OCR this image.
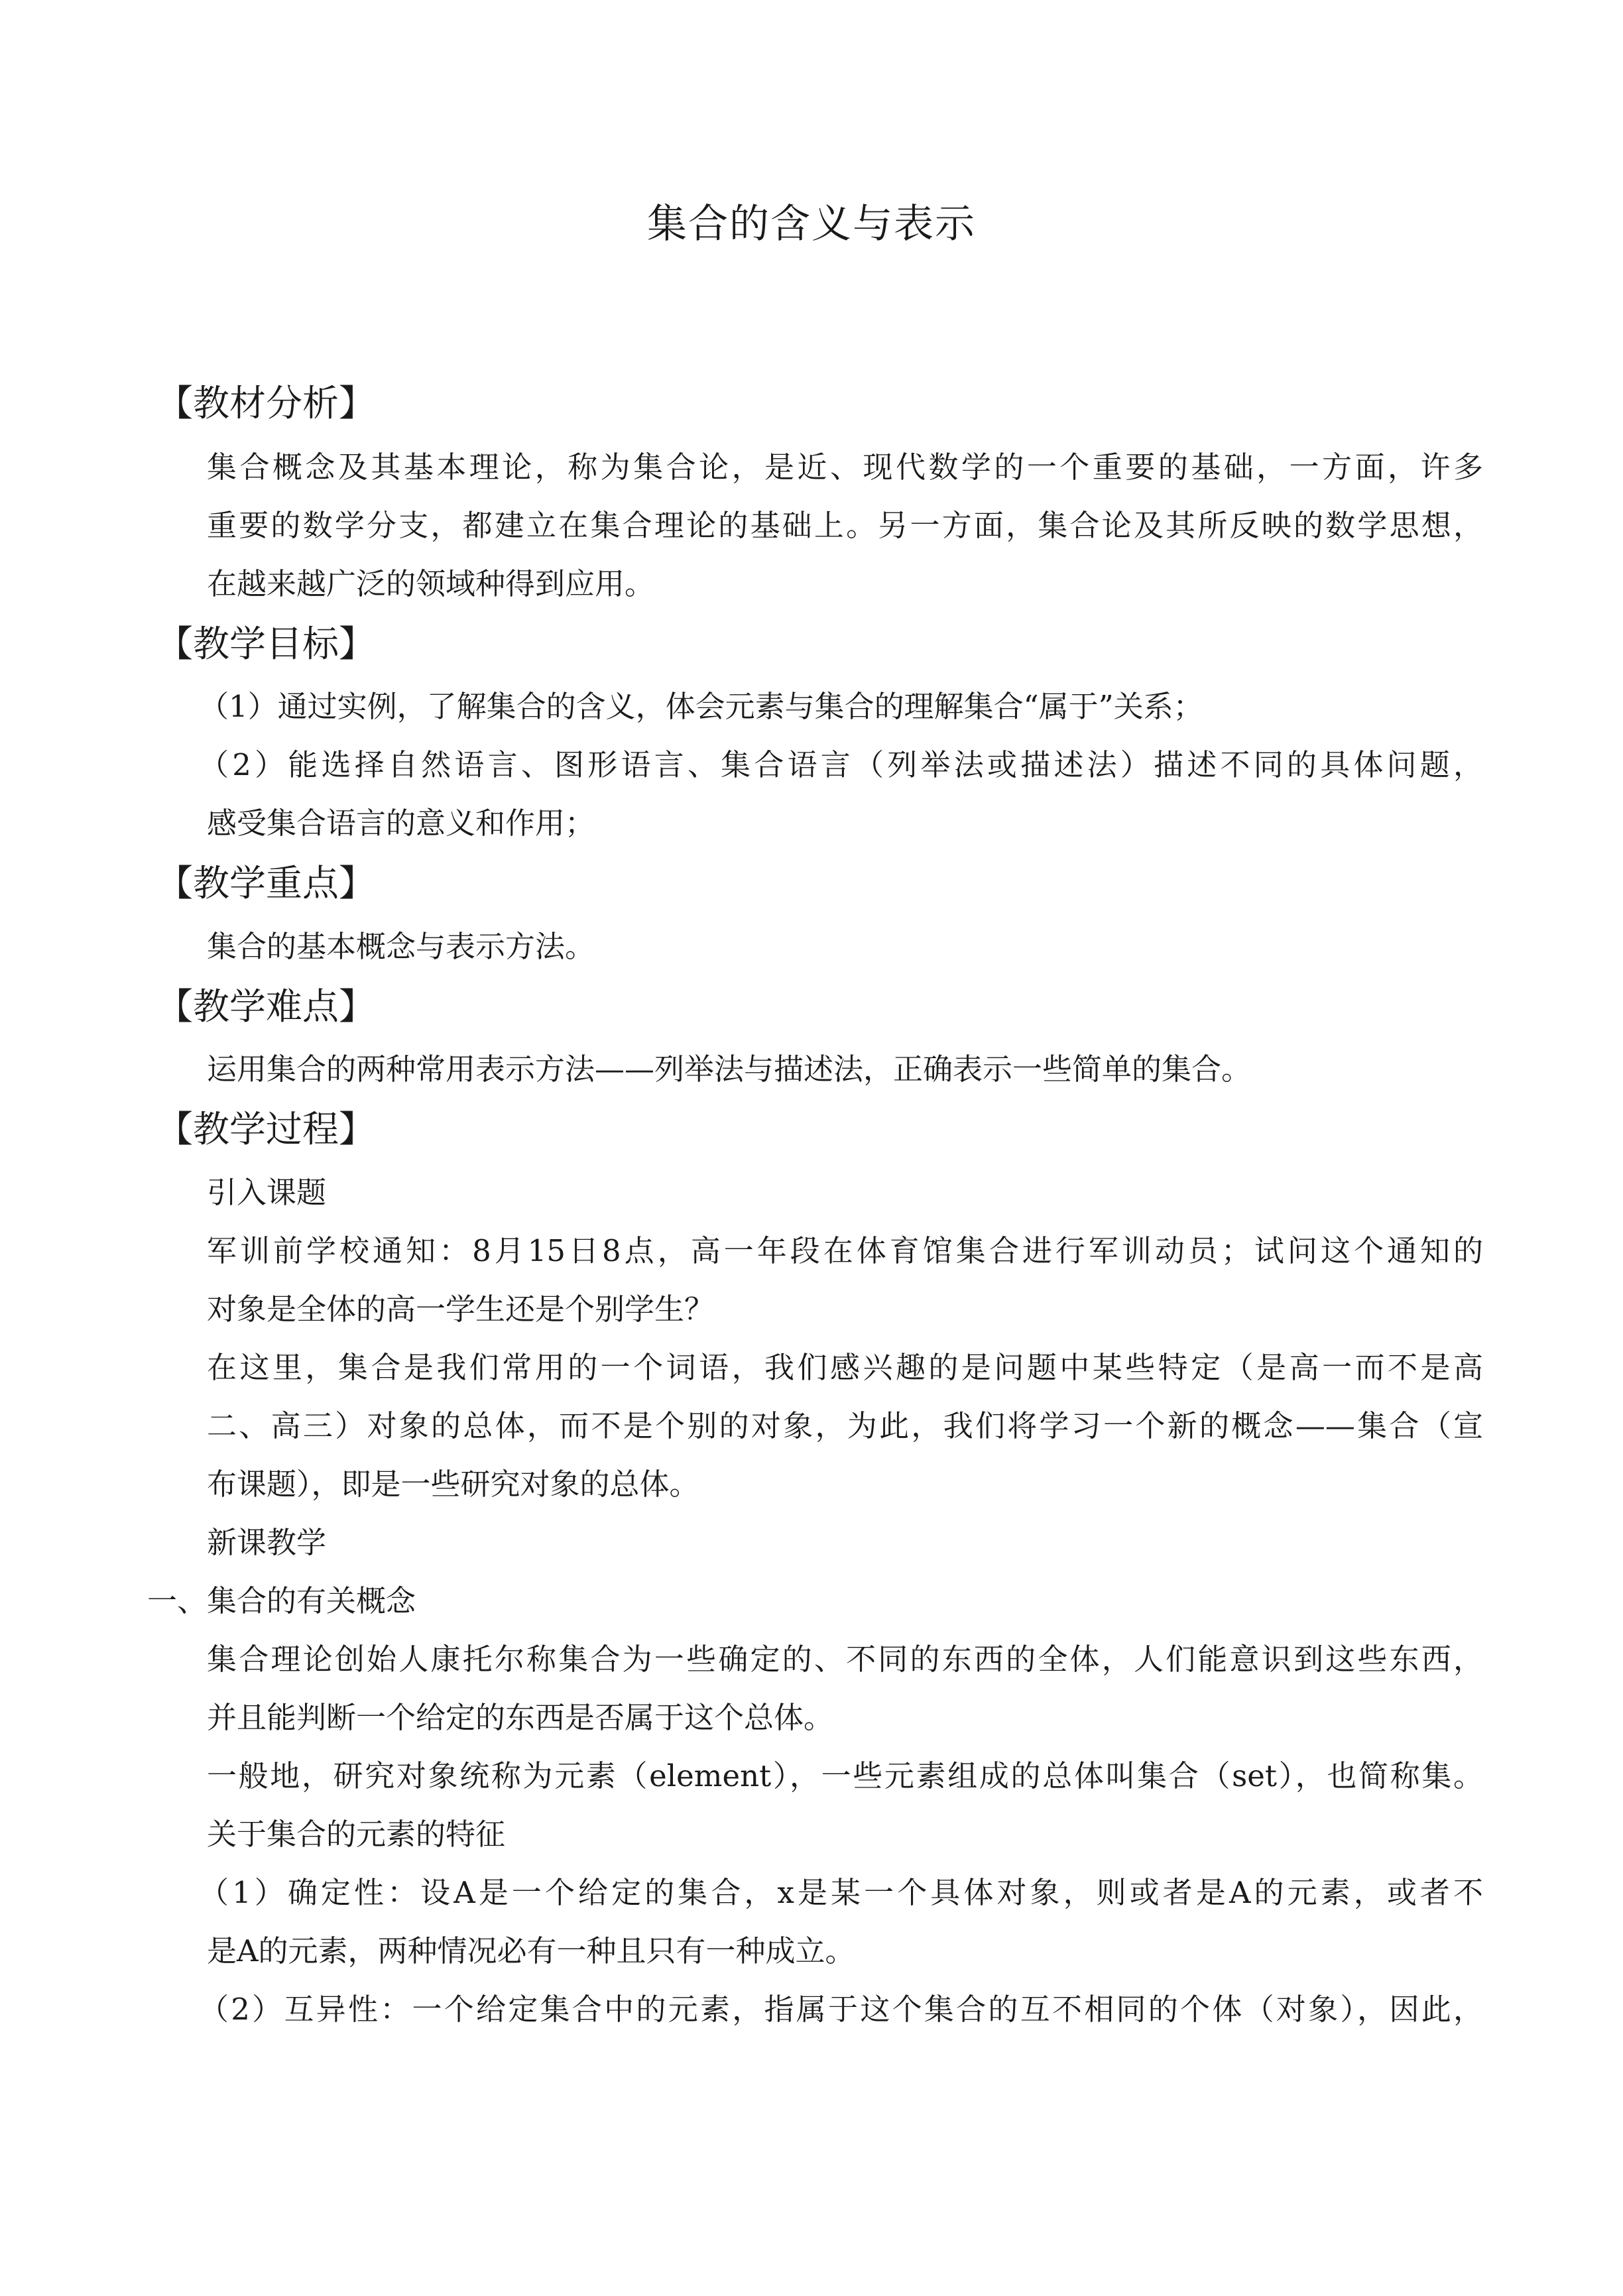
集合的含义与表示
【教材分析】
集合概念及其基本理论，称为集合论，是近、现代数学的一个重要的基础，一方面，许多
重要的数学分支，都建立在集合理论的基础上。另一方面，集合论及其所反映的数学思想，
在越来越广泛的领域种得到应用。
【教学目标】
（1）通过实例，了解集合的含义，体会元素与集合的理解集合“属于”关系；
（2）能选择自然语言、图形语言、集合语言（列举法或描述法）描述不同的具体问题，
感受集合语言的意义和作用；
【教学重点】
集合的基本概念与表示方法。
【教学难点】
运用集合的两种常用表示方法——列举法与描述法，正确表示一些简单的集合。
【教学过程】
引入课题
军训前学校通知：8月15日8点，高一年段在体育馆集合进行军训动员；试问这个通知的
对象是全体的高一学生还是个别学生？
在这里，集合是我们常用的一个词语，我们感兴趣的是问题中某些特定（是高一而不是高
二、高三）对象的总体，而不是个别的对象，为此，我们将学习一个新的概念——集合（宣
布课题），即是一些研究对象的总体。
新课教学
一、集合的有关概念
集合理论创始人康托尔称集合为一些确定的、不同的东西的全体，人们能意识到这些东西，
并且能判断一个给定的东西是否属于这个总体。
一般地，研究对象统称为元素（element），一些元素组成的总体叫集合（set），也简称集。
关于集合的元素的特征
（1）确定性：设A是一个给定的集合，x是某一个具体对象，则或者是A的元素，或者不
是A的元素，两种情况必有一种且只有一种成立。
（2）互异性：一个给定集合中的元素，指属于这个集合的互不相同的个体（对象），因此，
